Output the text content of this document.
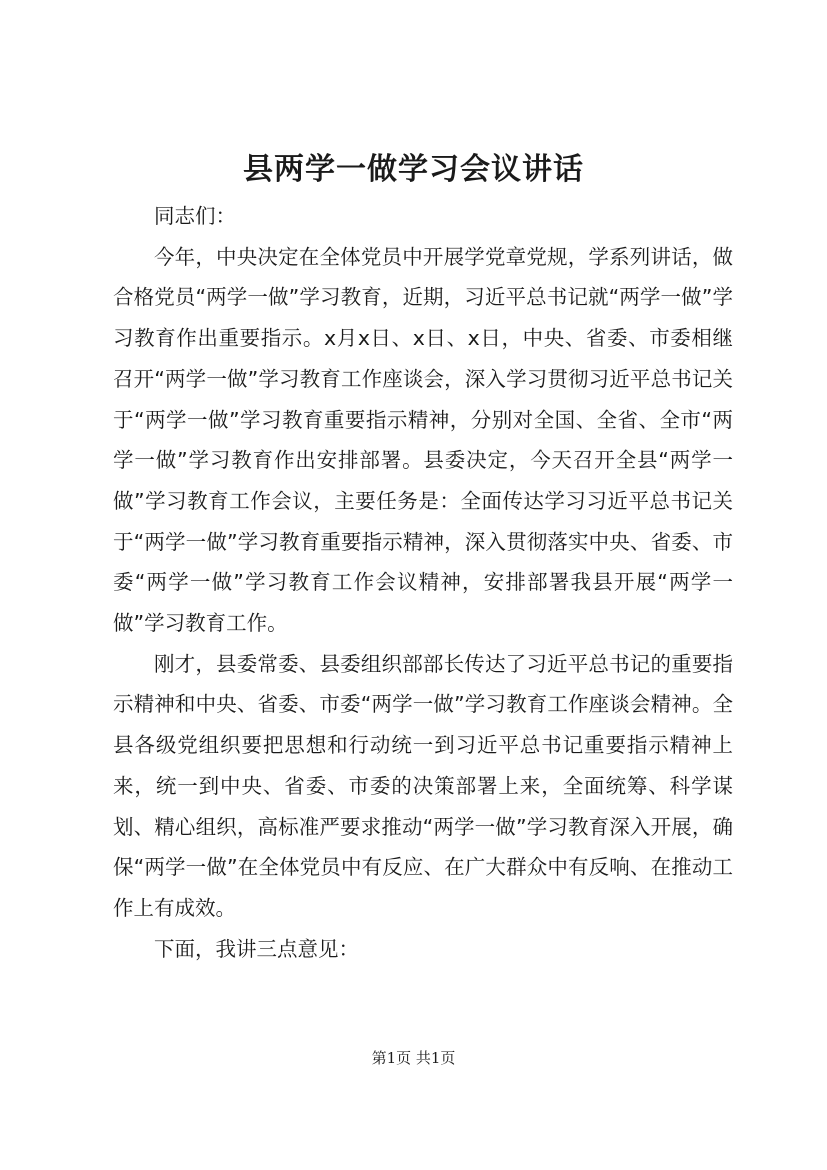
县两学一做学习会议讲话

同志们：

今年，中央决定在全体党员中开展学党章党规，学系列讲话，做合格党员“两学一做”学习教育，近期，习近平总书记就“两学一做”学习教育作出重要指示。x月x日、x日、x日，中央、省委、市委相继召开“两学一做”学习教育工作座谈会，深入学习贯彻习近平总书记关于“两学一做”学习教育重要指示精神，分别对全国、全省、全市“两学一做”学习教育作出安排部署。县委决定，今天召开全县“两学一做”学习教育工作会议，主要任务是：全面传达学习习近平总书记关于“两学一做”学习教育重要指示精神，深入贯彻落实中央、省委、市委“两学一做”学习教育工作会议精神，安排部署我县开展“两学一做”学习教育工作。

刚才，县委常委、县委组织部部长传达了习近平总书记的重要指示精神和中央、省委、市委“两学一做”学习教育工作座谈会精神。全县各级党组织要把思想和行动统一到习近平总书记重要指示精神上来，统一到中央、省委、市委的决策部署上来，全面统筹、科学谋划、精心组织，高标准严要求推动“两学一做”学习教育深入开展，确保“两学一做”在全体党员中有反应、在广大群众中有反响、在推动工作上有成效。

下面，我讲三点意见：

第1页 共1页
